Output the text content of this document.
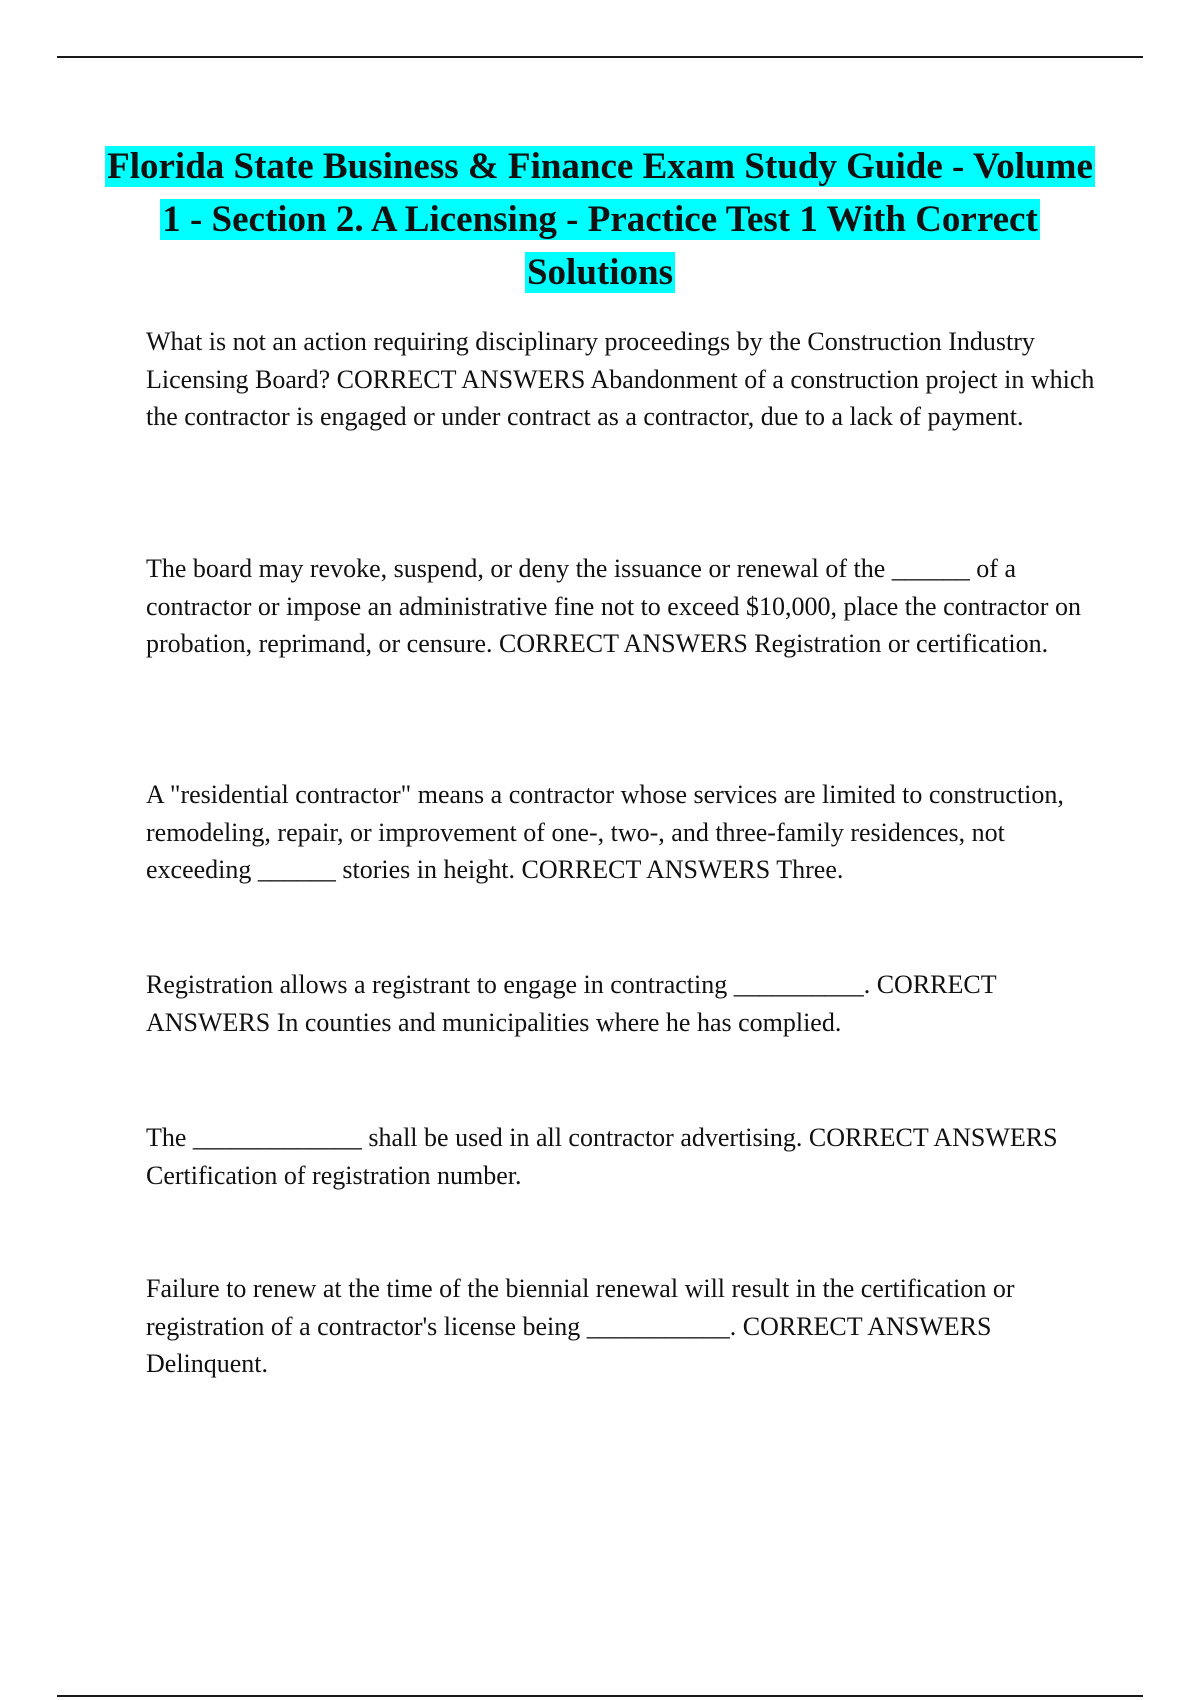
Florida State Business & Finance Exam Study Guide - Volume 1 - Section 2. A Licensing - Practice Test 1 With Correct Solutions

What is not an action requiring disciplinary proceedings by the Construction Industry Licensing Board? CORRECT ANSWERS Abandonment of a construction project in which the contractor is engaged or under contract as a contractor, due to a lack of payment.

The board may revoke, suspend, or deny the issuance or renewal of the ______ of a contractor or impose an administrative fine not to exceed $10,000, place the contractor on probation, reprimand, or censure. CORRECT ANSWERS Registration or certification.

A "residential contractor" means a contractor whose services are limited to construction, remodeling, repair, or improvement of one-, two-, and three-family residences, not exceeding ______ stories in height. CORRECT ANSWERS Three.

Registration allows a registrant to engage in contracting __________. CORRECT ANSWERS In counties and municipalities where he has complied.

The _____________ shall be used in all contractor advertising. CORRECT ANSWERS Certification of registration number.

Failure to renew at the time of the biennial renewal will result in the certification or registration of a contractor's license being ___________. CORRECT ANSWERS Delinquent.
